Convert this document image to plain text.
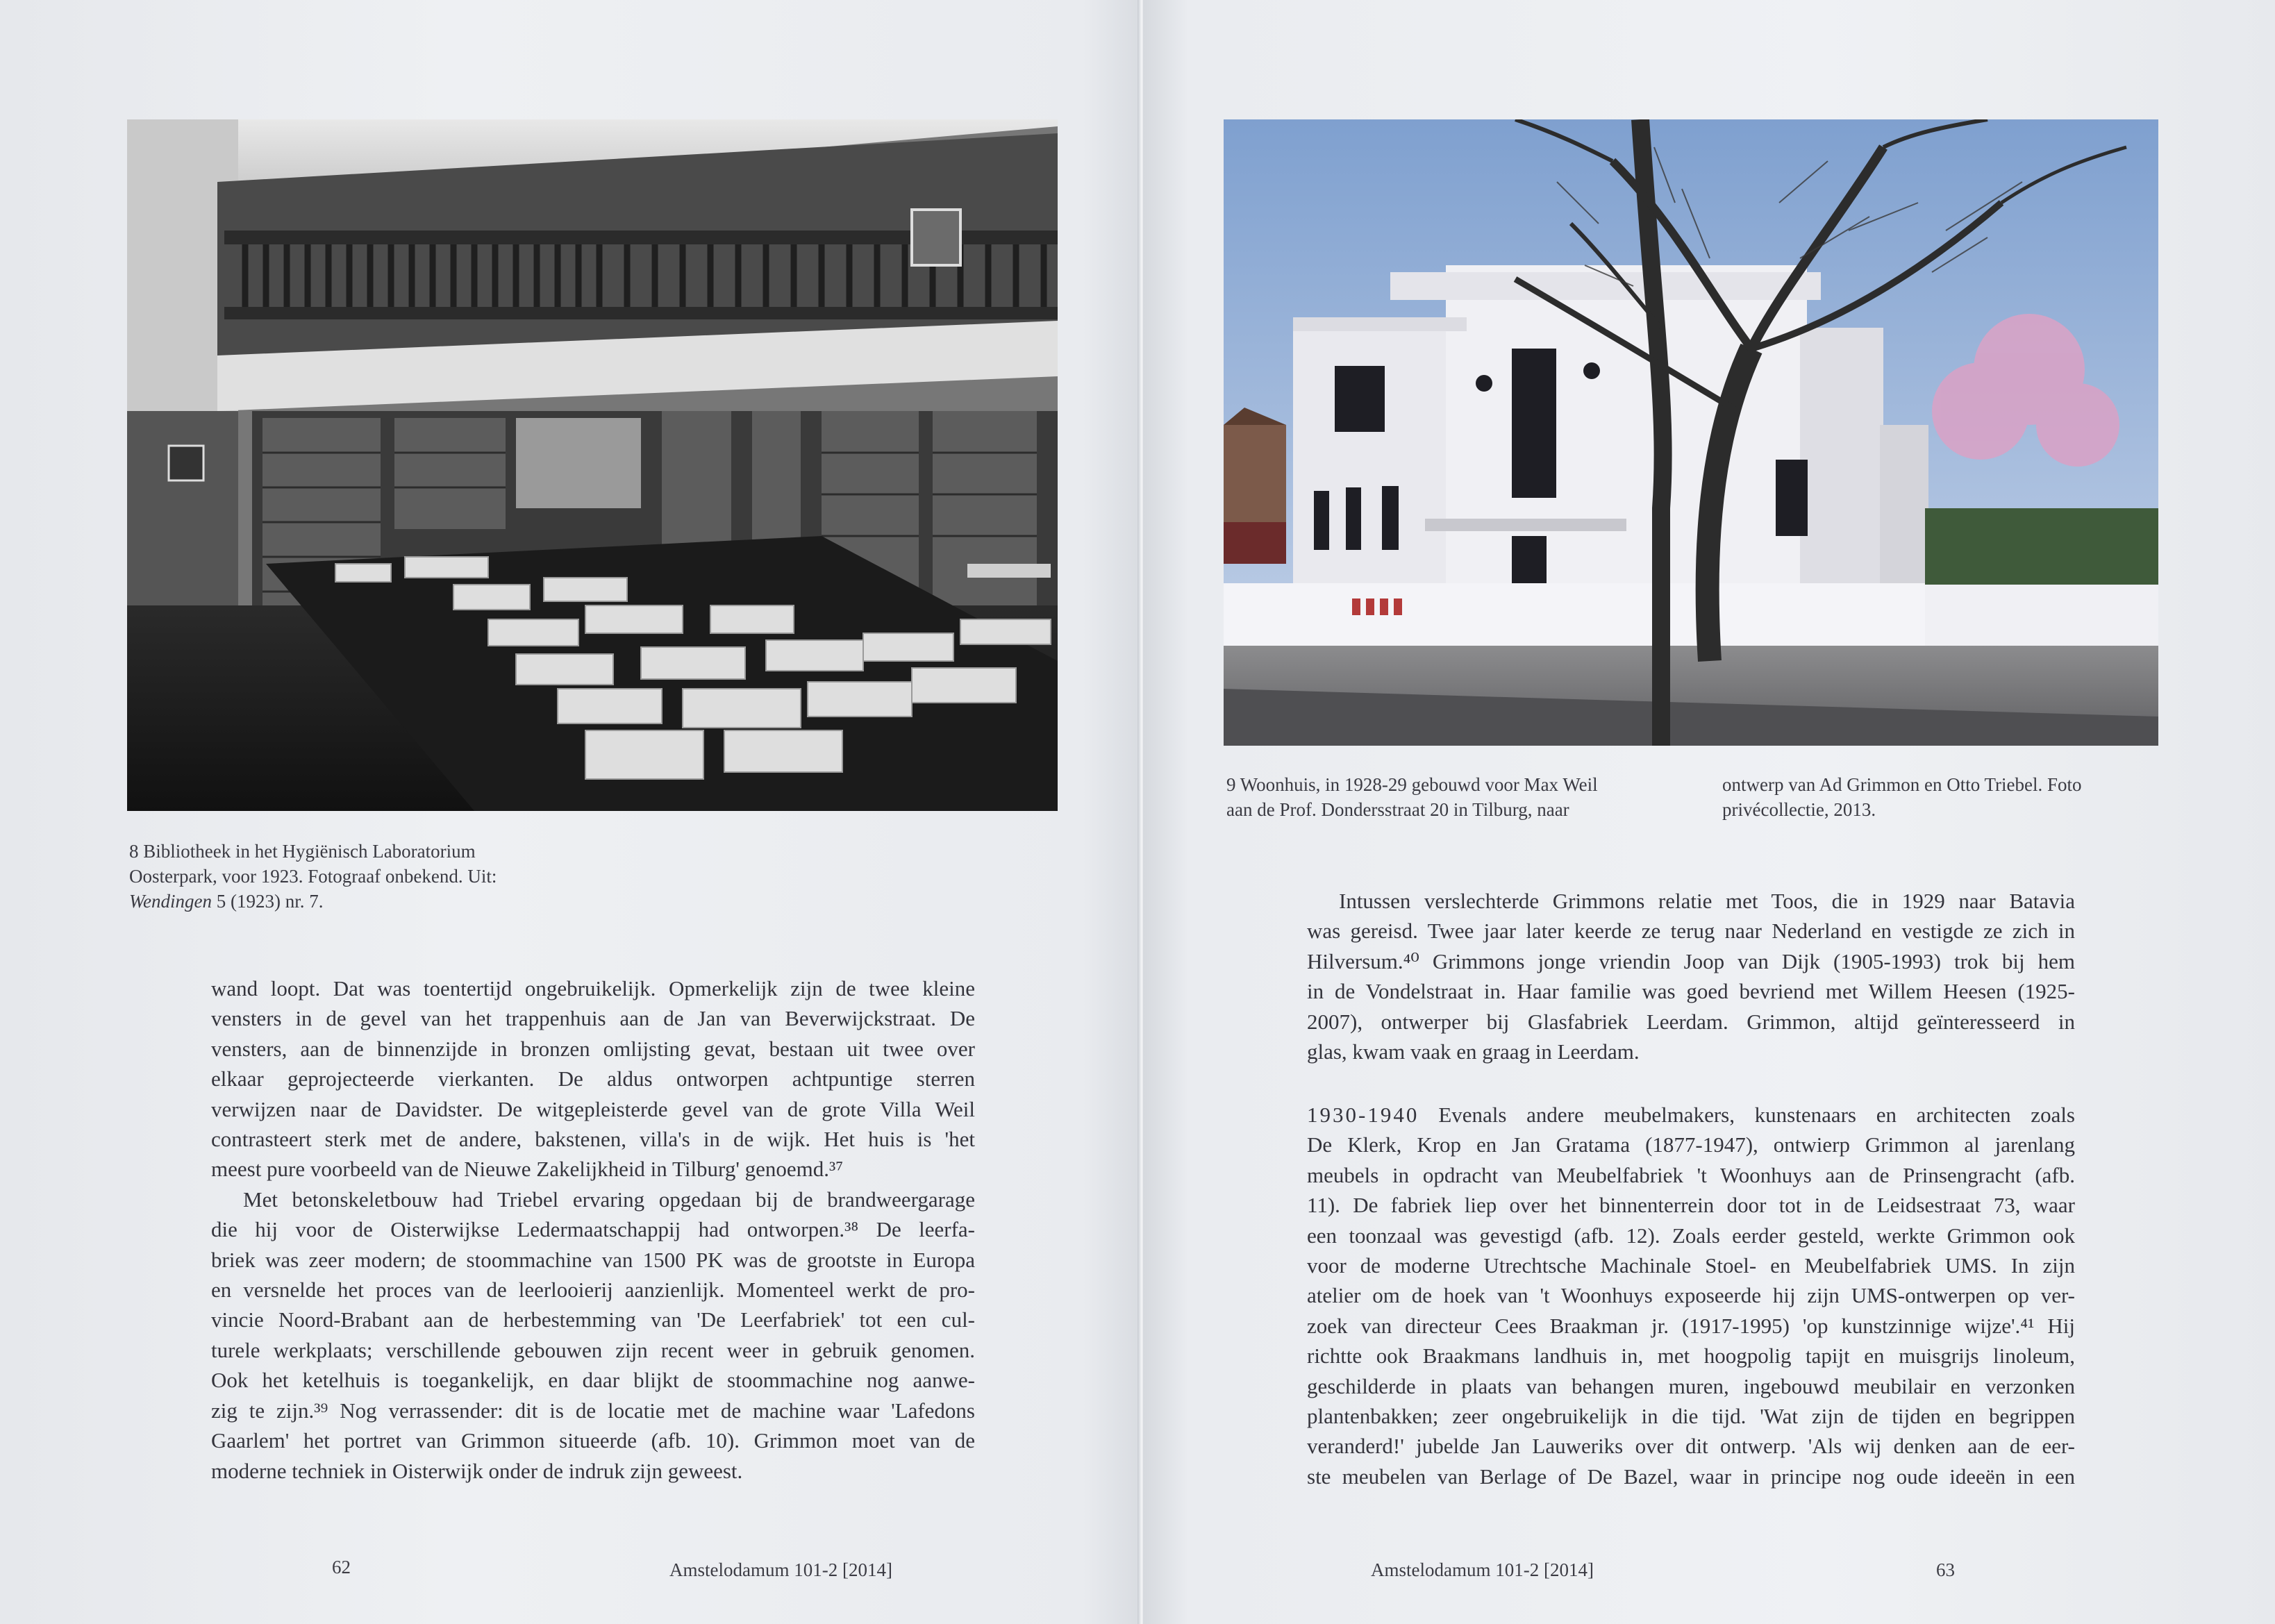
8 Bibliotheek in het Hygiënisch Laboratorium
Oosterpark, voor 1923. Fotograaf onbekend. Uit:
Wendingen 5 (1923) nr. 7.
wand loopt. Dat was toentertijd ongebruikelijk. Opmerkelijk zijn de twee kleine
vensters in de gevel van het trappenhuis aan de Jan van Beverwijckstraat. De
vensters, aan de binnenzijde in bronzen omlijsting gevat, bestaan uit twee over
elkaar geprojecteerde vierkanten. De aldus ontworpen achtpuntige sterren
verwijzen naar de Davidster. De witgepleisterde gevel van de grote Villa Weil
contrasteert sterk met de andere, bakstenen, villa's in de wijk. Het huis is 'het
meest pure voorbeeld van de Nieuwe Zakelijkheid in Tilburg' genoemd.³⁷
Met betonskeletbouw had Triebel ervaring opgedaan bij de brandweergarage
die hij voor de Oisterwijkse Ledermaatschappij had ontworpen.³⁸ De leerfa-
briek was zeer modern; de stoommachine van 1500 PK was de grootste in Europa
en versnelde het proces van de leerlooierij aanzienlijk. Momenteel werkt de pro-
vincie Noord-Brabant aan de herbestemming van 'De Leerfabriek' tot een cul-
turele werkplaats; verschillende gebouwen zijn recent weer in gebruik genomen.
Ook het ketelhuis is toegankelijk, en daar blijkt de stoommachine nog aanwe-
zig te zijn.³⁹ Nog verrassender: dit is de locatie met de machine waar 'Lafedons
Gaarlem' het portret van Grimmon situeerde (afb. 10). Grimmon moet van de
moderne techniek in Oisterwijk onder de indruk zijn geweest.
62	Amstelodamum 101-2 [2014]
9 Woonhuis, in 1928-29 gebouwd voor Max Weil
aan de Prof. Dondersstraat 20 in Tilburg, naar
ontwerp van Ad Grimmon en Otto Triebel. Foto
privécollectie, 2013.
Intussen verslechterde Grimmons relatie met Toos, die in 1929 naar Batavia
was gereisd. Twee jaar later keerde ze terug naar Nederland en vestigde ze zich in
Hilversum.⁴⁰ Grimmons jonge vriendin Joop van Dijk (1905-1993) trok bij hem
in de Vondelstraat in. Haar familie was goed bevriend met Willem Heesen (1925-
2007), ontwerper bij Glasfabriek Leerdam. Grimmon, altijd geïnteresseerd in
glas, kwam vaak en graag in Leerdam.
1930-1940 Evenals andere meubelmakers, kunstenaars en architecten zoals
De Klerk, Krop en Jan Gratama (1877-1947), ontwierp Grimmon al jarenlang
meubels in opdracht van Meubelfabriek 't Woonhuys aan de Prinsengracht (afb.
11). De fabriek liep over het binnenterrein door tot in de Leidsestraat 73, waar
een toonzaal was gevestigd (afb. 12). Zoals eerder gesteld, werkte Grimmon ook
voor de moderne Utrechtsche Machinale Stoel- en Meubelfabriek UMS. In zijn
atelier om de hoek van 't Woonhuys exposeerde hij zijn UMS-ontwerpen op ver-
zoek van directeur Cees Braakman jr. (1917-1995) 'op kunstzinnige wijze'.⁴¹ Hij
richtte ook Braakmans landhuis in, met hoogpolig tapijt en muisgrijs linoleum,
geschilderde in plaats van behangen muren, ingebouwd meubilair en verzonken
plantenbakken; zeer ongebruikelijk in die tijd. 'Wat zijn de tijden en begrippen
veranderd!' jubelde Jan Lauweriks over dit ontwerp. 'Als wij denken aan de eer-
ste meubelen van Berlage of De Bazel, waar in principe nog oude ideeën in een
Amstelodamum 101-2 [2014]	63
